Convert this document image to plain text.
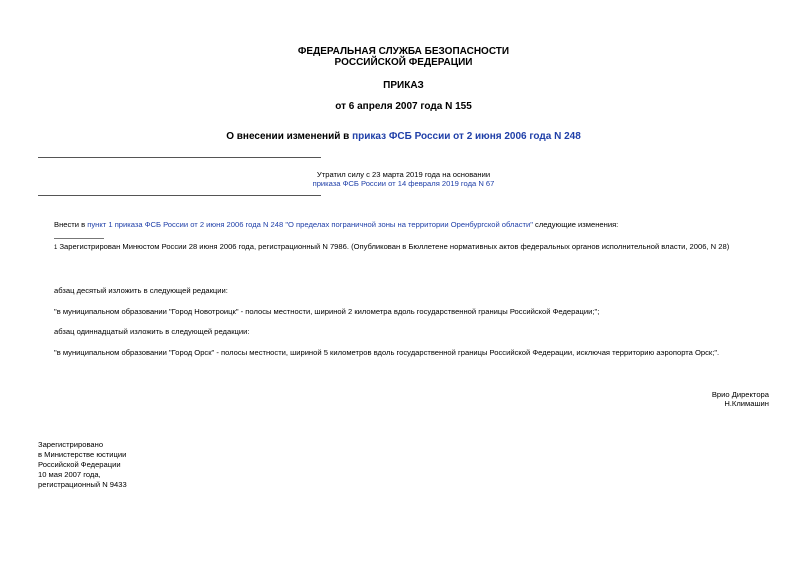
ФЕДЕРАЛЬНАЯ СЛУЖБА БЕЗОПАСНОСТИ
РОССИЙСКОЙ ФЕДЕРАЦИИ
ПРИКАЗ
от 6 апреля 2007 года N 155
О внесении изменений в приказ ФСБ России от 2 июня 2006 года N 248
Утратил силу с 23 марта 2019 года на основании
приказа ФСБ России от 14 февраля 2019 года N 67
Внести в пункт 1 приказа ФСБ России от 2 июня 2006 года N 248 "О пределах пограничной зоны на территории Оренбургской области" следующие изменения:
1 Зарегистрирован Минюстом России 28 июня 2006 года, регистрационный N 7986. (Опубликован в Бюллетене нормативных актов федеральных органов исполнительной власти, 2006, N 28)
абзац десятый изложить в следующей редакции:
"в муниципальном образовании "Город Новотроицк" - полосы местности, шириной 2 километра вдоль государственной границы Российской Федерации;";
абзац одиннадцатый изложить в следующей редакции:
"в муниципальном образовании "Город Орск" - полосы местности, шириной 5 километров вдоль государственной границы Российской Федерации, исключая территорию аэропорта Орск;".
Врио Директора
Н.Климашин
Зарегистрировано
в Министерстве юстиции
Российской Федерации
10 мая 2007 года,
регистрационный N 9433
